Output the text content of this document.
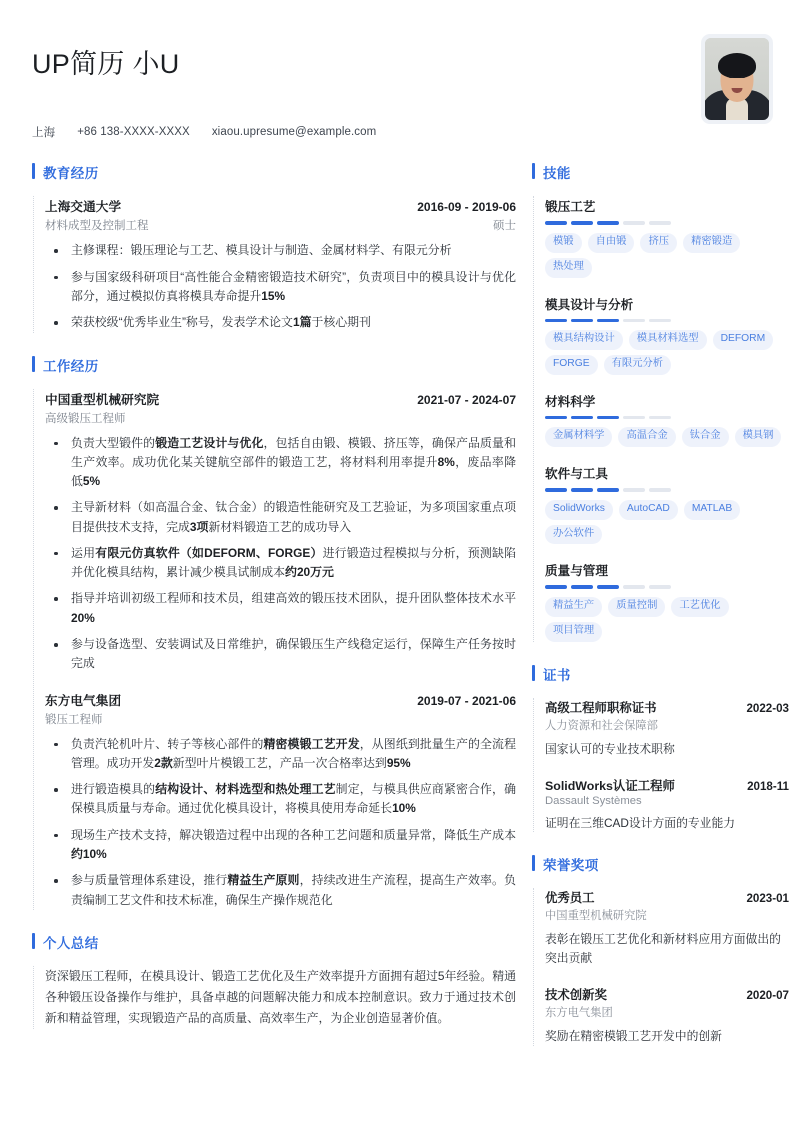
UP简历 小U
上海 +86 138-XXXX-XXXX xiaou.upresume@example.com
教育经历
上海交通大学	2016-09 - 2019-06
材料成型及控制工程	硕士
主修课程：锻压理论与工艺、模具设计与制造、金属材料学、有限元分析
参与国家级科研项目“高性能合金精密锻造技术研究”，负责项目中的模具设计与优化部分，通过模拟仿真将模具寿命提升15%
荣获校级“优秀毕业生”称号，发表学术论文1篇于核心期刊
工作经历
中国重型机械研究院	2021-07 - 2024-07
高级锻压工程师
负责大型锻件的锻造工艺设计与优化，包括自由锻、模锻、挤压等，确保产品质量和生产效率。成功优化某关键航空部件的锻造工艺，将材料利用率提升8%，废品率降低5%
主导新材料（如高温合金、钛合金）的锻造性能研究及工艺验证，为多项国家重点项目提供技术支持，完成3项新材料锻造工艺的成功导入
运用有限元仿真软件（如DEFORM、FORGE）进行锻造过程模拟与分析，预测缺陷并优化模具结构，累计减少模具试制成本约20万元
指导并培训初级工程师和技术员，组建高效的锻压技术团队，提升团队整体技术水平20%
参与设备选型、安装调试及日常维护，确保锻压生产线稳定运行，保障生产任务按时完成
东方电气集团	2019-07 - 2021-06
锻压工程师
负责汽轮机叶片、转子等核心部件的精密模锻工艺开发，从图纸到批量生产的全流程管理。成功开发2款新型叶片模锻工艺，产品一次合格率达到95%
进行锻造模具的结构设计、材料选型和热处理工艺制定，与模具供应商紧密合作，确保模具质量与寿命。通过优化模具设计，将模具使用寿命延长10%
现场生产技术支持，解决锻造过程中出现的各种工艺问题和质量异常，降低生产成本约10%
参与质量管理体系建设，推行精益生产原则，持续改进生产流程，提高生产效率。负责编制工艺文件和技术标准，确保生产操作规范化
个人总结
资深锻压工程师，在模具设计、锻造工艺优化及生产效率提升方面拥有超过5年经验。精通各种锻压设备操作与维护，具备卓越的问题解决能力和成本控制意识。致力于通过技术创新和精益管理，实现锻造产品的高质量、高效率生产，为企业创造显著价值。
技能
锻压工艺
模锻	自由锻	挤压	精密锻造
热处理
模具设计与分析
模具结构设计	模具材料选型	DEFORM
FORGE	有限元分析
材料科学
金属材料学	高温合金	钛合金	模具钢
软件与工具
SolidWorks	AutoCAD	MATLAB
办公软件
质量与管理
精益生产	质量控制	工艺优化
项目管理
证书
高级工程师职称证书	2022-03
人力资源和社会保障部
国家认可的专业技术职称
SolidWorks认证工程师	2018-11
Dassault Systèmes
证明在三维CAD设计方面的专业能力
荣誉奖项
优秀员工	2023-01
中国重型机械研究院
表彰在锻压工艺优化和新材料应用方面做出的突出贡献
技术创新奖	2020-07
东方电气集团
奖励在精密模锻工艺开发中的创新
